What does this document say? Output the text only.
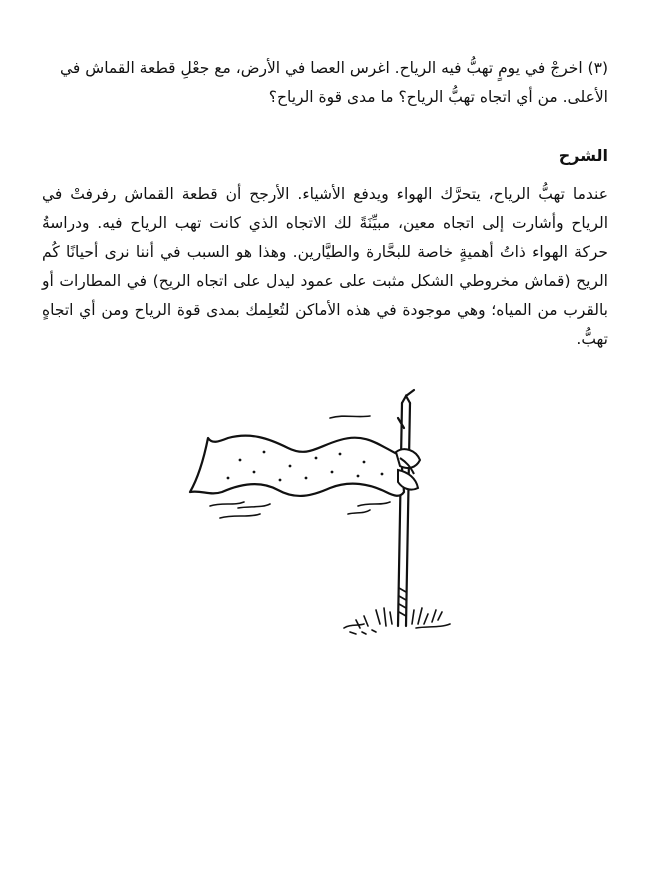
(٣) اخرجْ في يومٍ تهبُّ فيه الرياح. اغرس العصا في الأرض، مع جعْلِ قطعة القماش في الأعلى. من أي اتجاه تهبُّ الرياح؟ ما مدى قوة الرياح؟

الشرح

عندما تهبُّ الرياح، يتحرَّك الهواء ويدفع الأشياء. الأرجح أن قطعة القماش رفرفتْ في الرياح وأشارت إلى اتجاه معين، مبيِّنَةً لك الاتجاه الذي كانت تهب الرياح فيه. ودراسةُ حركة الهواء ذاتُ أهميةٍ خاصة للبحَّارة والطيَّارين. وهذا هو السبب في أننا نرى أحيانًا كُم الريح (قماش مخروطي الشكل مثبت على عمود ليدل على اتجاه الريح) في المطارات أو بالقرب من المياه؛ وهي موجودة في هذه الأماكن لتُعلِمك بمدى قوة الرياح ومن أي اتجاهٍ تهبُّ.
